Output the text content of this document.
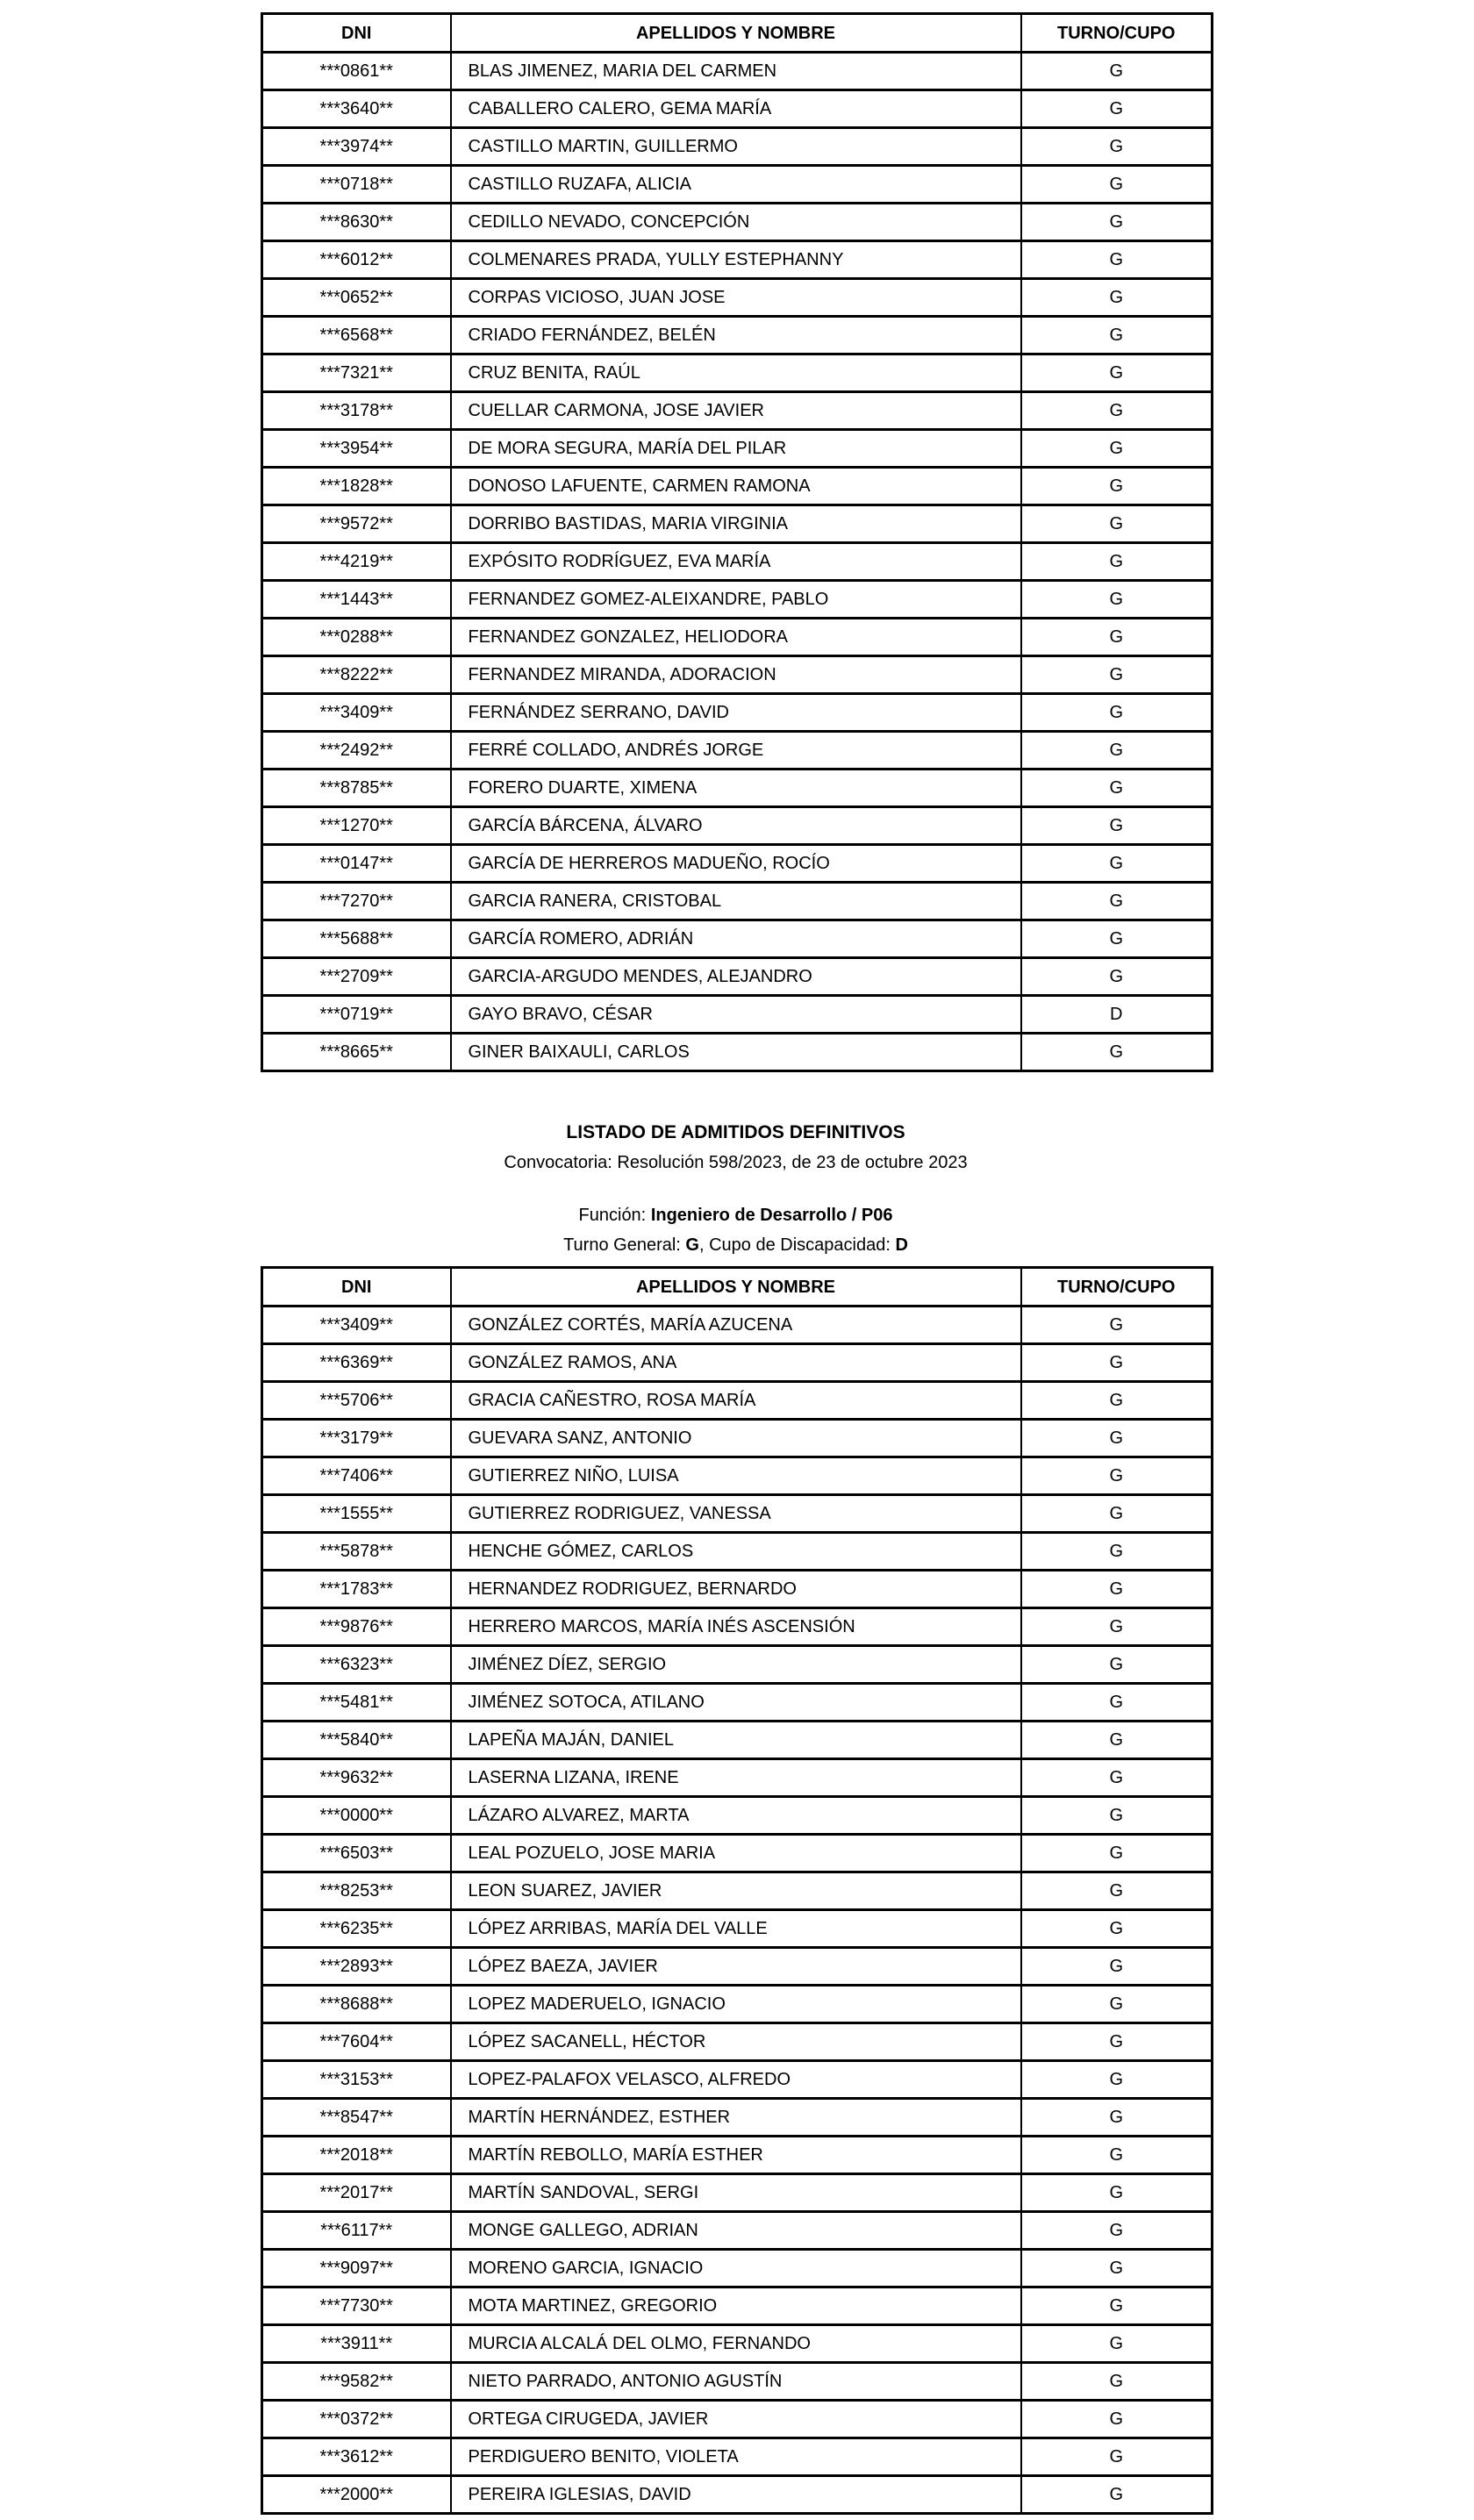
DNI	APELLIDOS Y NOMBRE	TURNO/CUPO
***0861**	BLAS JIMENEZ, MARIA DEL CARMEN	G
***3640**	CABALLERO CALERO, GEMA MARÍA	G
***3974**	CASTILLO MARTIN, GUILLERMO	G
***0718**	CASTILLO RUZAFA, ALICIA	G
***8630**	CEDILLO NEVADO, CONCEPCIÓN	G
***6012**	COLMENARES PRADA, YULLY ESTEPHANNY	G
***0652**	CORPAS VICIOSO, JUAN JOSE	G
***6568**	CRIADO FERNÁNDEZ, BELÉN	G
***7321**	CRUZ BENITA, RAÚL	G
***3178**	CUELLAR CARMONA, JOSE JAVIER	G
***3954**	DE MORA SEGURA, MARÍA DEL PILAR	G
***1828**	DONOSO LAFUENTE, CARMEN RAMONA	G
***9572**	DORRIBO BASTIDAS, MARIA VIRGINIA	G
***4219**	EXPÓSITO RODRÍGUEZ, EVA MARÍA	G
***1443**	FERNANDEZ GOMEZ-ALEIXANDRE, PABLO	G
***0288**	FERNANDEZ GONZALEZ, HELIODORA	G
***8222**	FERNANDEZ MIRANDA, ADORACION	G
***3409**	FERNÁNDEZ SERRANO, DAVID	G
***2492**	FERRÉ COLLADO, ANDRÉS JORGE	G
***8785**	FORERO DUARTE, XIMENA	G
***1270**	GARCÍA BÁRCENA, ÁLVARO	G
***0147**	GARCÍA DE HERREROS MADUEÑO, ROCÍO	G
***7270**	GARCIA RANERA, CRISTOBAL	G
***5688**	GARCÍA ROMERO, ADRIÁN	G
***2709**	GARCIA-ARGUDO MENDES, ALEJANDRO	G
***0719**	GAYO BRAVO, CÉSAR	D
***8665**	GINER BAIXAULI, CARLOS	G

LISTADO DE ADMITIDOS DEFINITIVOS

Convocatoria: Resolución 598/2023, de 23 de octubre 2023

Función: Ingeniero de Desarrollo / P06

Turno General: G, Cupo de Discapacidad: D

DNI	APELLIDOS Y NOMBRE	TURNO/CUPO
***3409**	GONZÁLEZ CORTÉS, MARÍA AZUCENA	G
***6369**	GONZÁLEZ RAMOS, ANA	G
***5706**	GRACIA CAÑESTRO, ROSA MARÍA	G
***3179**	GUEVARA SANZ, ANTONIO	G
***7406**	GUTIERREZ NIÑO, LUISA	G
***1555**	GUTIERREZ RODRIGUEZ, VANESSA	G
***5878**	HENCHE GÓMEZ, CARLOS	G
***1783**	HERNANDEZ RODRIGUEZ, BERNARDO	G
***9876**	HERRERO MARCOS, MARÍA INÉS ASCENSIÓN	G
***6323**	JIMÉNEZ DÍEZ, SERGIO	G
***5481**	JIMÉNEZ SOTOCA, ATILANO	G
***5840**	LAPEÑA MAJÁN, DANIEL	G
***9632**	LASERNA LIZANA, IRENE	G
***0000**	LÁZARO ALVAREZ, MARTA	G
***6503**	LEAL POZUELO, JOSE MARIA	G
***8253**	LEON SUAREZ, JAVIER	G
***6235**	LÓPEZ ARRIBAS, MARÍA DEL VALLE	G
***2893**	LÓPEZ BAEZA, JAVIER	G
***8688**	LOPEZ MADERUELO, IGNACIO	G
***7604**	LÓPEZ SACANELL, HÉCTOR	G
***3153**	LOPEZ-PALAFOX VELASCO, ALFREDO	G
***8547**	MARTÍN HERNÁNDEZ, ESTHER	G
***2018**	MARTÍN REBOLLO, MARÍA ESTHER	G
***2017**	MARTÍN SANDOVAL, SERGI	G
***6117**	MONGE GALLEGO, ADRIAN	G
***9097**	MORENO GARCIA, IGNACIO	G
***7730**	MOTA MARTINEZ, GREGORIO	G
***3911**	MURCIA ALCALÁ DEL OLMO, FERNANDO	G
***9582**	NIETO PARRADO, ANTONIO AGUSTÍN	G
***0372**	ORTEGA CIRUGEDA, JAVIER	G
***3612**	PERDIGUERO BENITO, VIOLETA	G
***2000**	PEREIRA IGLESIAS, DAVID	G
